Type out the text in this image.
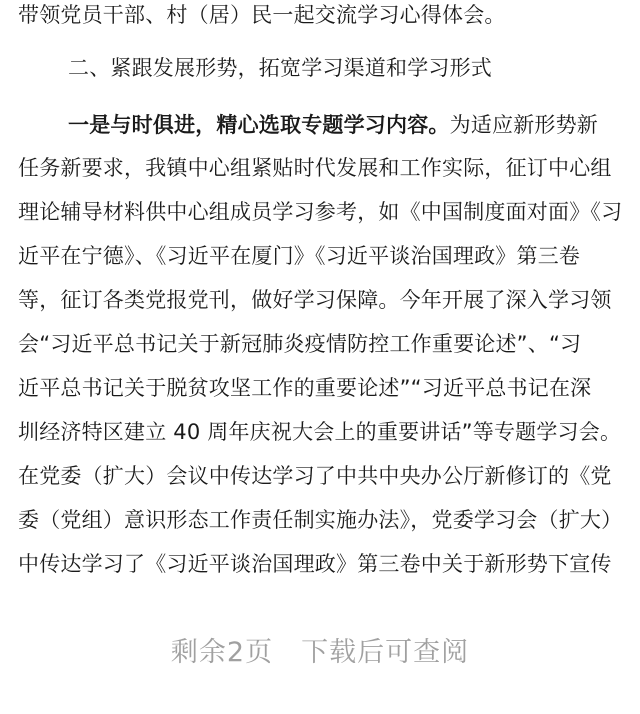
带领党员干部、村（居）民一起交流学习心得体会。
二、紧跟发展形势，拓宽学习渠道和学习形式
一是与时俱进，精心选取专题学习内容。为适应新形势新
任务新要求，我镇中心组紧贴时代发展和工作实际，征订中心组
理论辅导材料供中心组成员学习参考，如《中国制度面对面》《习
近平在宁德》、《习近平在厦门》《习近平谈治国理政》第三卷
等，征订各类党报党刊，做好学习保障。今年开展了深入学习领
会“习近平总书记关于新冠肺炎疫情防控工作重要论述”、“习
近平总书记关于脱贫攻坚工作的重要论述”“习近平总书记在深
圳经济特区建立 40 周年庆祝大会上的重要讲话”等专题学习会。
在党委（扩大）会议中传达学习了中共中央办公厅新修订的《党
委（党组）意识形态工作责任制实施办法》，党委学习会（扩大）
中传达学习了《习近平谈治国理政》第三卷中关于新形势下宣传
剩余2页 下载后可查阅
